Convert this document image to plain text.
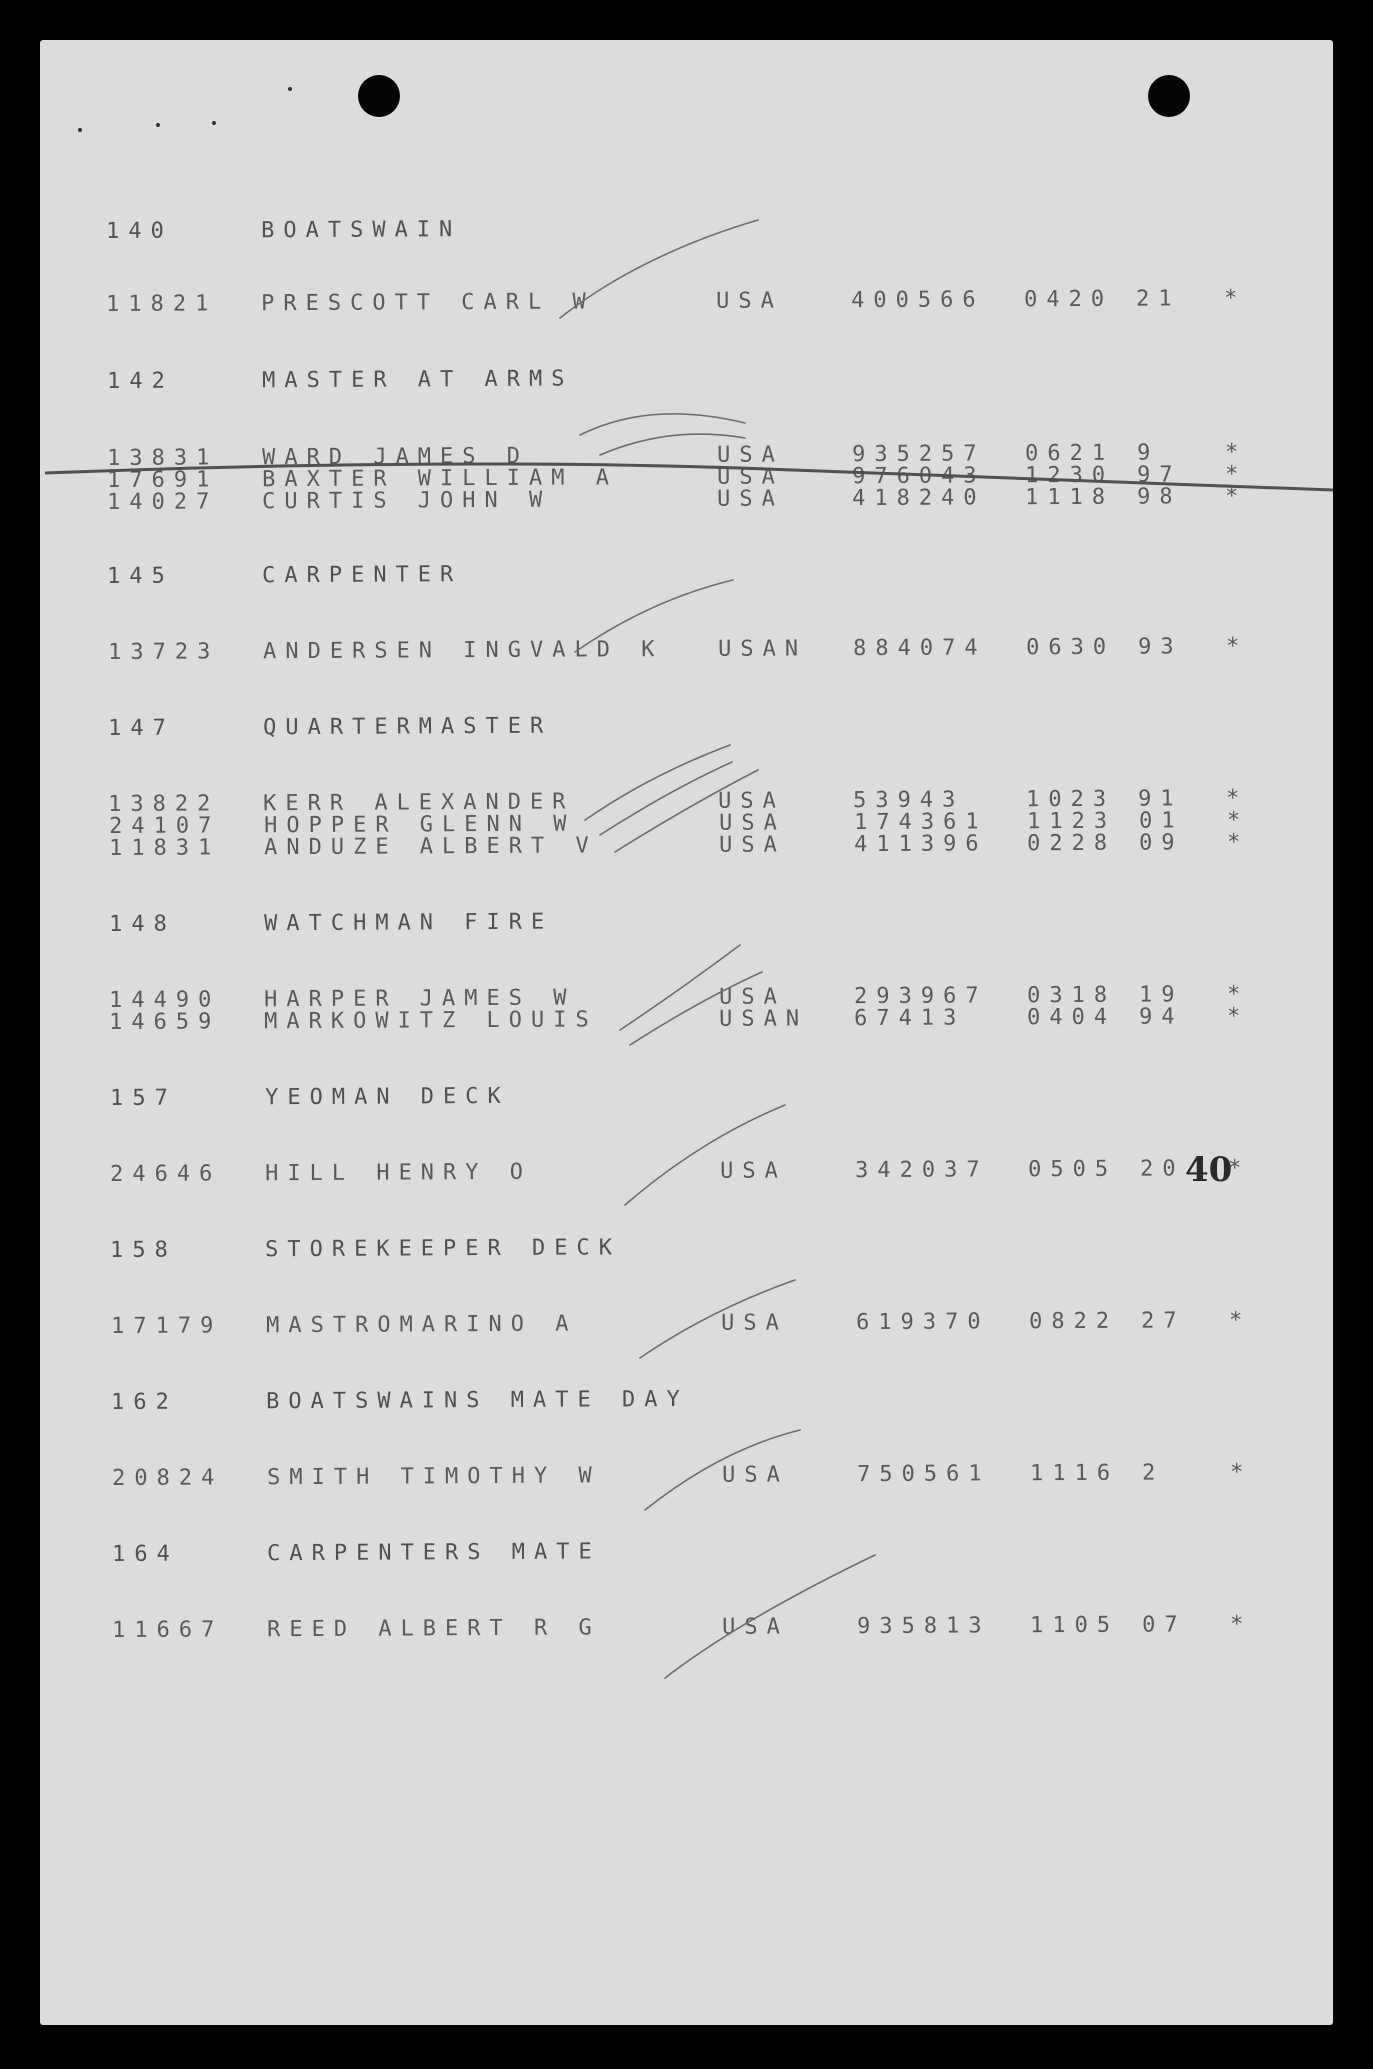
140	BOATSWAIN
11821 PRESCOTT CARL W	USA	400566 0420 21 *
142	MASTER AT ARMS
13831 WARD JAMES D	USA	935257 0621 9	*
17691 BAXTER WILLIAM A	USA	976043 1230 97 *
14027 CURTIS JOHN W	USA	418240 1118 98 *
145	CARPENTER
13723 ANDERSEN INGVALD K USAN 884074 0630 93 *
147	QUARTERMASTER
13822 KERR ALEXANDER	USA	53943	1023 91 *
24107 HOPPER GLENN W	USA	174361 1123 01 *
11831 ANDUZE ALBERT V	USA	411396 0228 09 *
148	WATCHMAN FIRE
14490 HARPER JAMES W	USA	293967 0318 19 *
14659 MARKOWITZ LOUIS	USAN 67413	0404 94 *
157	YEOMAN DECK
24646 HILL HENRY O	USA	342037 0505 20 *
158	STOREKEEPER DECK
17179 MASTROMARINO A	USA	619370 0822 27 *
162	BOATSWAINS MATE DAY
20824 SMITH TIMOTHY W	USA	750561 1116 2	*
164	CARPENTERS MATE
11667 REED ALBERT R G	USA	935813 1105 07 *
40
